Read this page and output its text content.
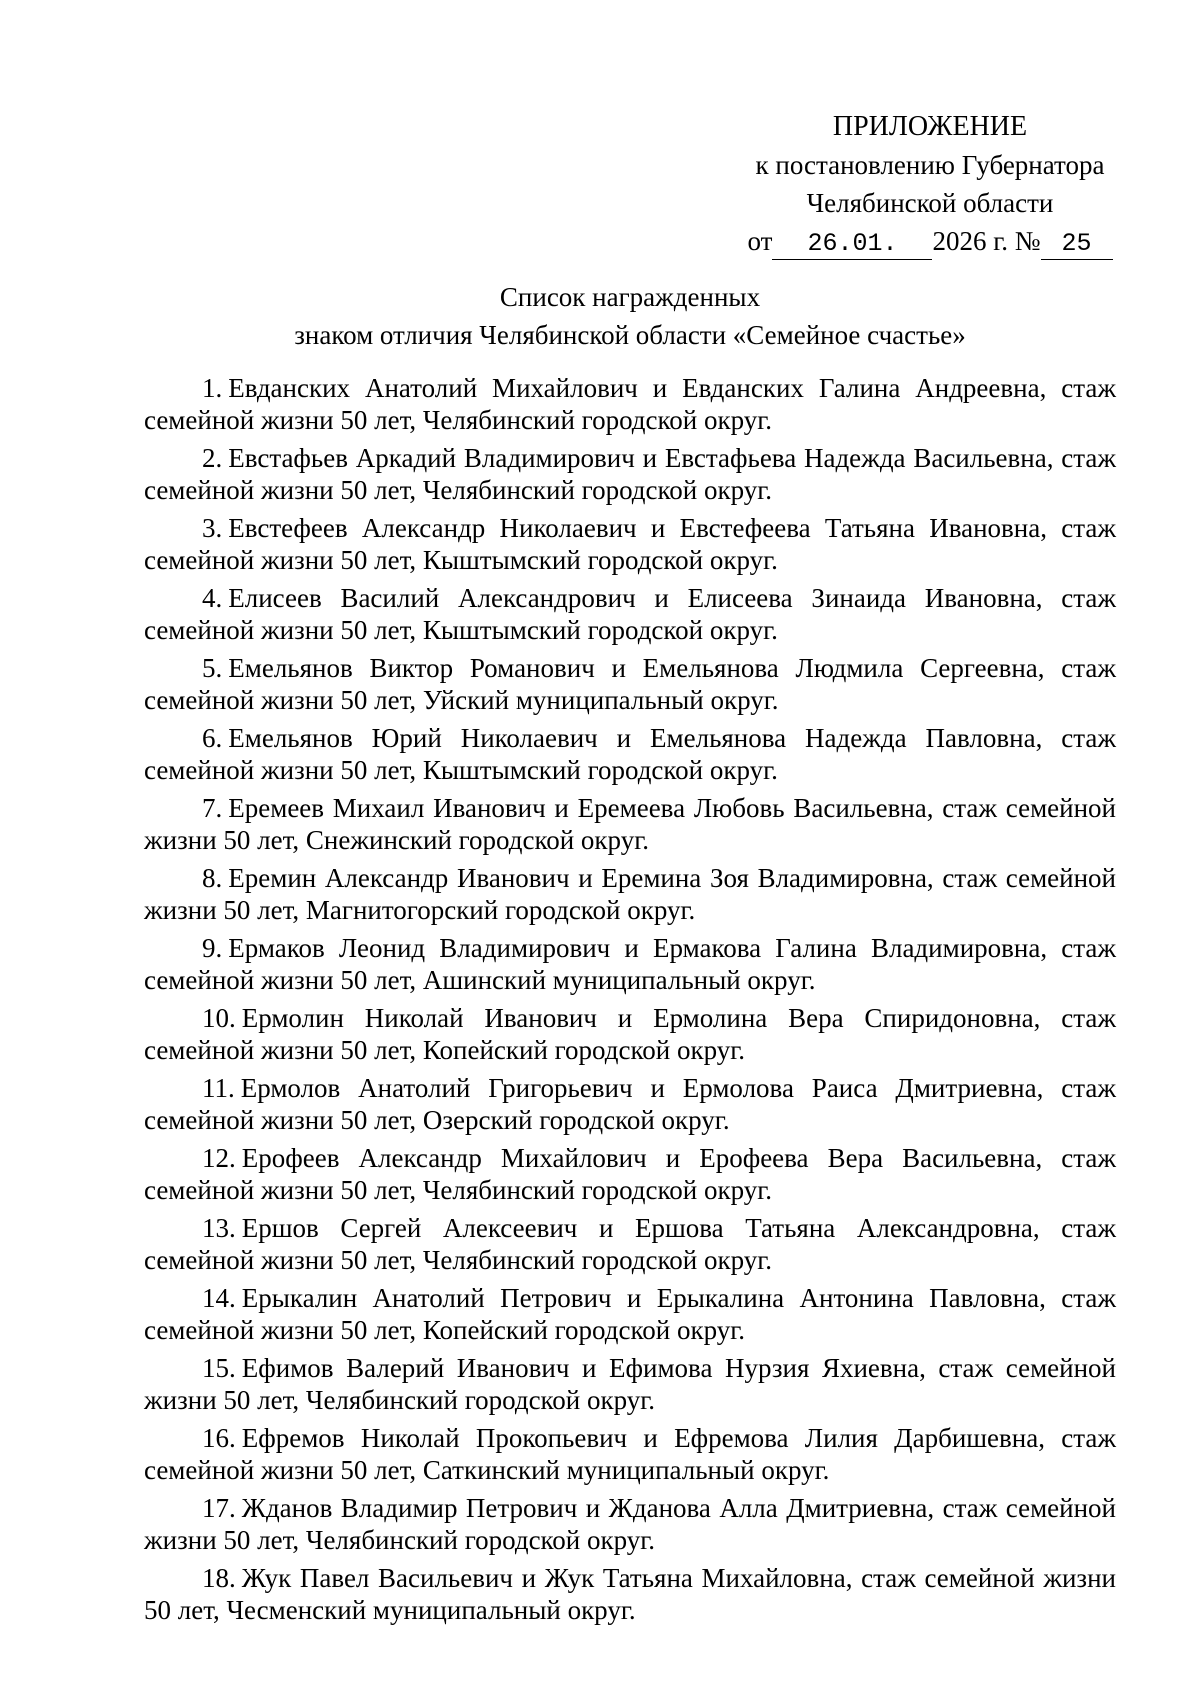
ПРИЛОЖЕНИЕ
к постановлению Губернатора
Челябинской области
от 26.01. 2026 г. № 25
Список награжденных
знаком отличия Челябинской области «Семейное счастье»
1. Евданских Анатолий Михайлович и Евданских Галина Андреевна, стаж семейной жизни 50 лет, Челябинский городской округ.
2. Евстафьев Аркадий Владимирович и Евстафьева Надежда Васильевна, стаж семейной жизни 50 лет, Челябинский городской округ.
3. Евстефеев Александр Николаевич и Евстефеева Татьяна Ивановна, стаж семейной жизни 50 лет, Кыштымский городской округ.
4. Елисеев Василий Александрович и Елисеева Зинаида Ивановна, стаж семейной жизни 50 лет, Кыштымский городской округ.
5. Емельянов Виктор Романович и Емельянова Людмила Сергеевна, стаж семейной жизни 50 лет, Уйский муниципальный округ.
6. Емельянов Юрий Николаевич и Емельянова Надежда Павловна, стаж семейной жизни 50 лет, Кыштымский городской округ.
7. Еремеев Михаил Иванович и Еремеева Любовь Васильевна, стаж семейной жизни 50 лет, Снежинский городской округ.
8. Еремин Александр Иванович и Еремина Зоя Владимировна, стаж семейной жизни 50 лет, Магнитогорский городской округ.
9. Ермаков Леонид Владимирович и Ермакова Галина Владимировна, стаж семейной жизни 50 лет, Ашинский муниципальный округ.
10. Ермолин Николай Иванович и Ермолина Вера Спиридоновна, стаж семейной жизни 50 лет, Копейский городской округ.
11. Ермолов Анатолий Григорьевич и Ермолова Раиса Дмитриевна, стаж семейной жизни 50 лет, Озерский городской округ.
12. Ерофеев Александр Михайлович и Ерофеева Вера Васильевна, стаж семейной жизни 50 лет, Челябинский городской округ.
13. Ершов Сергей Алексеевич и Ершова Татьяна Александровна, стаж семейной жизни 50 лет, Челябинский городской округ.
14. Ерыкалин Анатолий Петрович и Ерыкалина Антонина Павловна, стаж семейной жизни 50 лет, Копейский городской округ.
15. Ефимов Валерий Иванович и Ефимова Нурзия Яхиевна, стаж семейной жизни 50 лет, Челябинский городской округ.
16. Ефремов Николай Прокопьевич и Ефремова Лилия Дарбишевна, стаж семейной жизни 50 лет, Саткинский муниципальный округ.
17. Жданов Владимир Петрович и Жданова Алла Дмитриевна, стаж семейной жизни 50 лет, Челябинский городской округ.
18. Жук Павел Васильевич и Жук Татьяна Михайловна, стаж семейной жизни 50 лет, Чесменский муниципальный округ.
